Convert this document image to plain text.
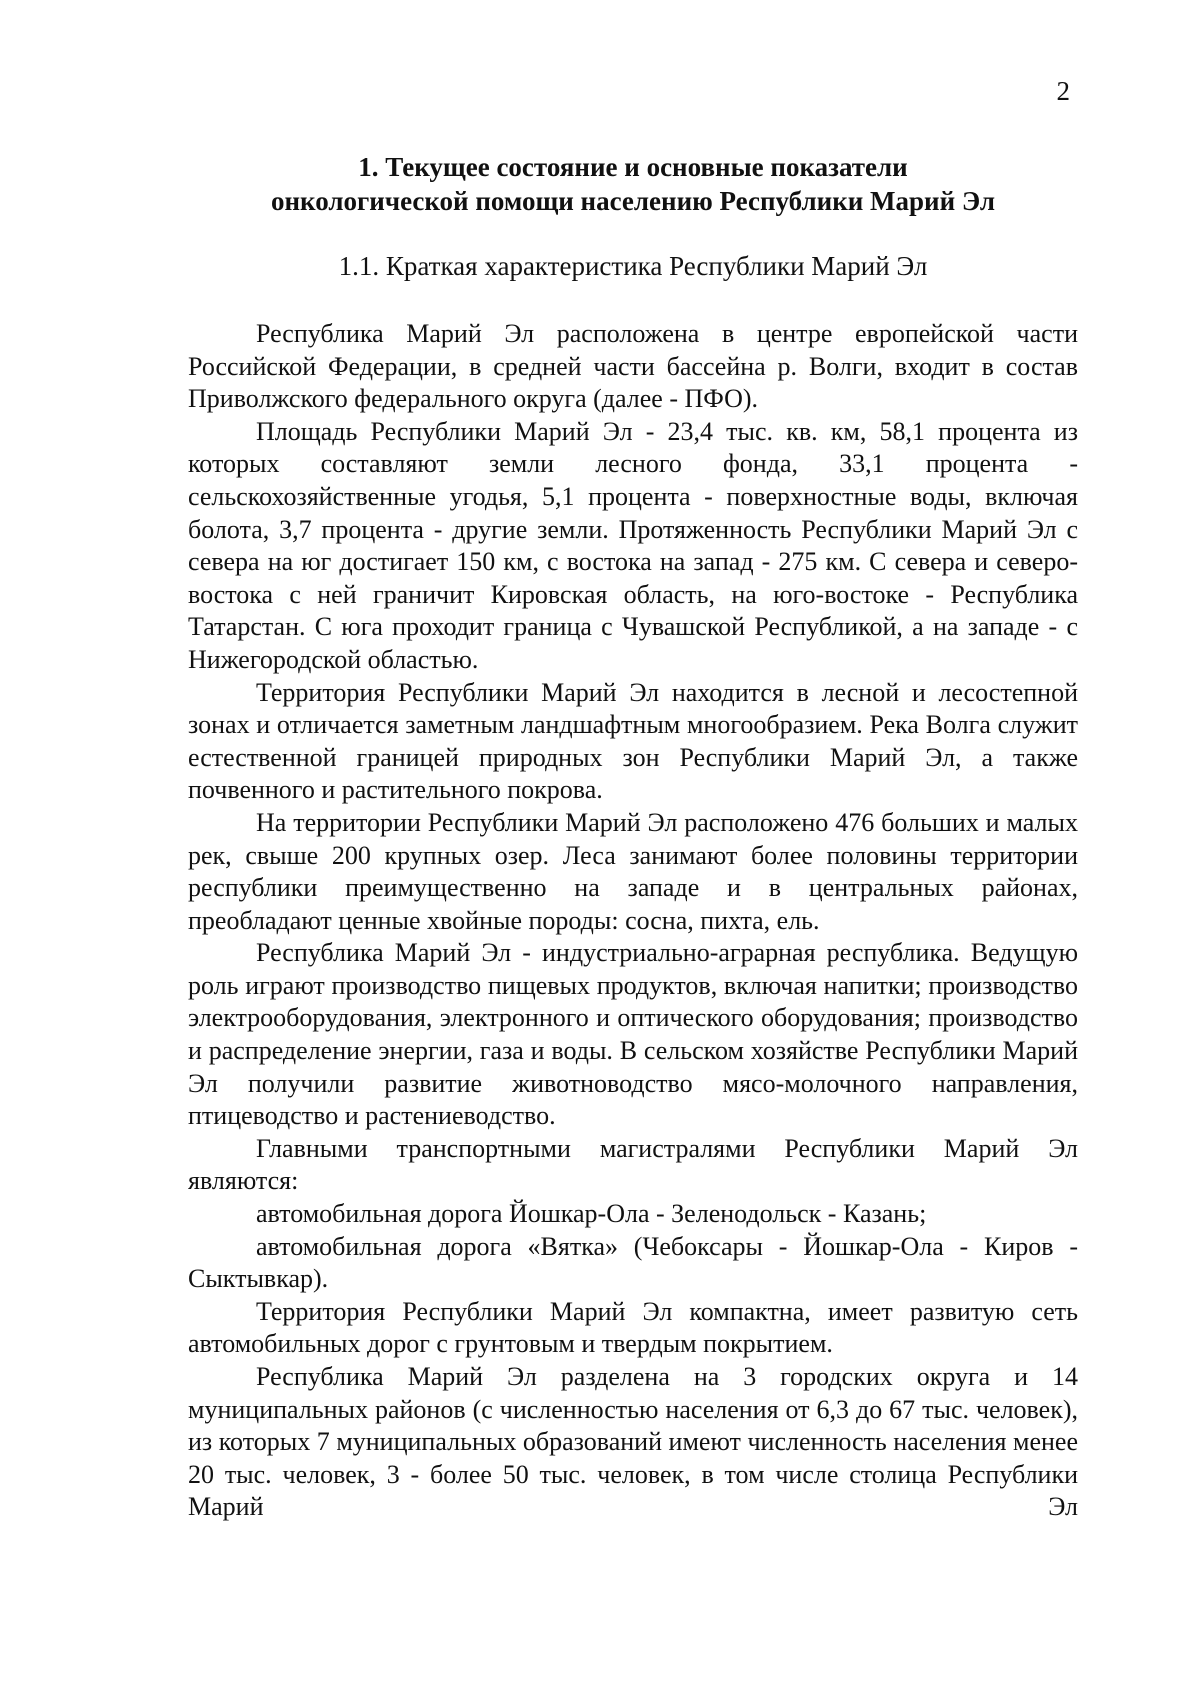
2
1. Текущее состояние и основные показатели
онкологической помощи населению Республики Марий Эл
1.1. Краткая характеристика Республики Марий Эл

Республика Марий Эл расположена в центре европейской части Российской Федерации, в средней части бассейна р. Волги, входит в состав Приволжского федерального округа (далее - ПФО).

Площадь Республики Марий Эл - 23,4 тыс. кв. км, 58,1 процента из которых составляют земли лесного фонда, 33,1 процента - сельскохозяйственные угодья, 5,1 процента - поверхностные воды, включая болота, 3,7 процента - другие земли. Протяженность Республики Марий Эл с севера на юг достигает 150 км, с востока на запад - 275 км. С севера и северо-востока с ней граничит Кировская область, на юго-востоке - Республика Татарстан. С юга проходит граница с Чувашской Республикой, а на западе - с Нижегородской областью.

Территория Республики Марий Эл находится в лесной и лесостепной зонах и отличается заметным ландшафтным многообразием. Река Волга служит естественной границей природных зон Республики Марий Эл, а также почвенного и растительного покрова.

На территории Республики Марий Эл расположено 476 больших и малых рек, свыше 200 крупных озер. Леса занимают более половины территории республики преимущественно на западе и в центральных районах, преобладают ценные хвойные породы: сосна, пихта, ель.

Республика Марий Эл - индустриально-аграрная республика. Ведущую роль играют производство пищевых продуктов, включая напитки; производство электрооборудования, электронного и оптического оборудования; производство и распределение энергии, газа и воды. В сельском хозяйстве Республики Марий Эл получили развитие животноводство мясо-молочного направления, птицеводство и растениеводство.

Главными транспортными магистралями Республики Марий Эл являются:

автомобильная дорога Йошкар-Ола - Зеленодольск - Казань;

автомобильная дорога «Вятка» (Чебоксары - Йошкар-Ола - Киров - Сыктывкар).

Территория Республики Марий Эл компактна, имеет развитую сеть автомобильных дорог с грунтовым и твердым покрытием.

Республика Марий Эл разделена на 3 городских округа и 14 муниципальных районов (с численностью населения от 6,3 до 67 тыс. человек), из которых 7 муниципальных образований имеют численность населения менее 20 тыс. человек, 3 - более 50 тыс. человек, в том числе столица Республики Марий Эл
